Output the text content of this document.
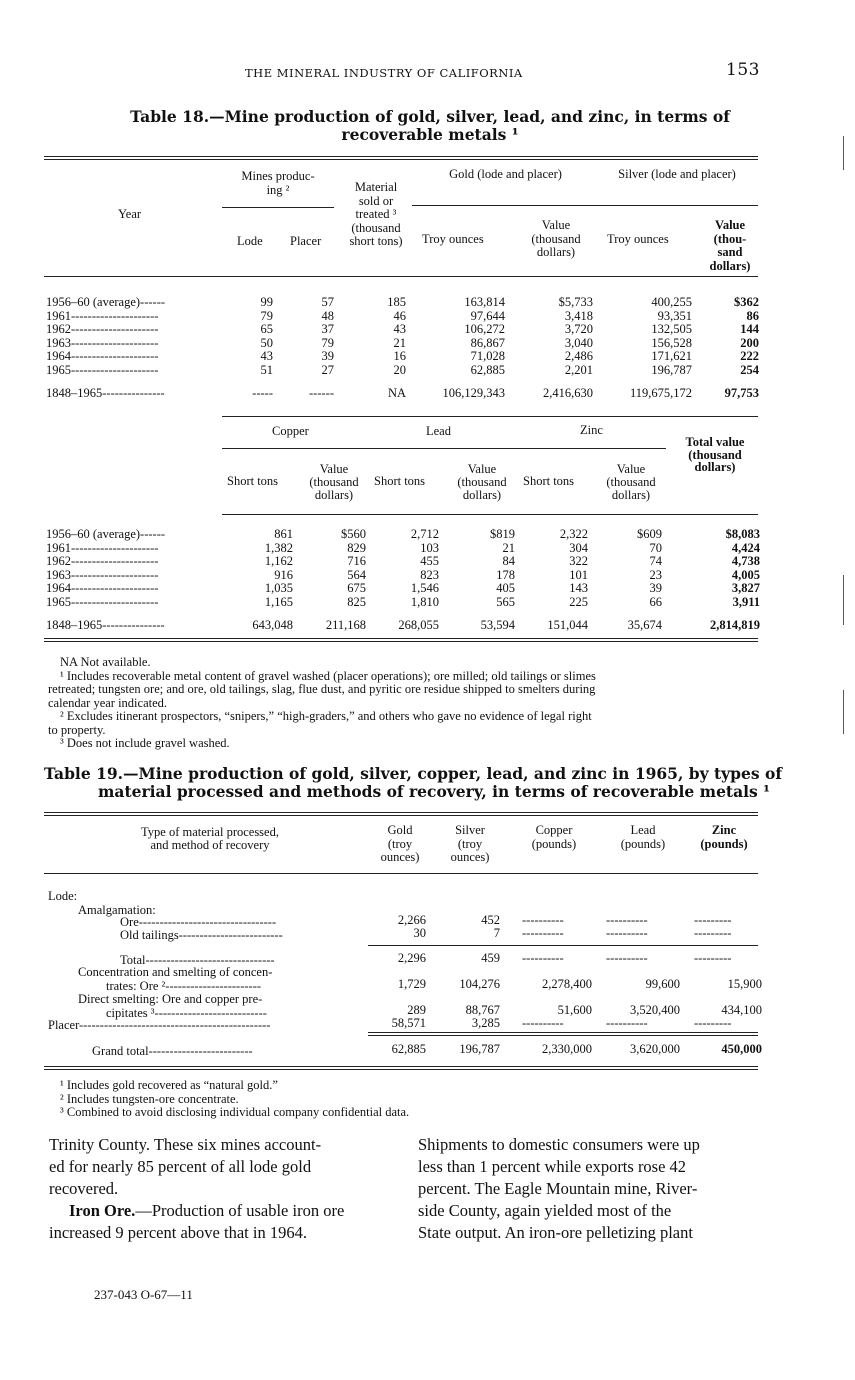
THE MINERAL INDUSTRY OF CALIFORNIA	153
Table 18.—Mine production of gold, silver, lead, and zinc, in terms of
recoverable metals ¹
Year
Mines produc-
ing ²
Lode Placer
Material
sold or
treated ³
(thousand
short tons)
Gold (lode and placer)	Silver (lode and placer)
Troy ounces
Value
(thousand
dollars)
Troy ounces
Value
(thou-
sand
dollars)
1956–60 (average)------	99	57	185	163,814	$5,733	400,255	$362
1961---------------------	79	48	46	97,644	3,418	93,351	86
1962---------------------	65	37	43	106,272	3,720	132,505	144
1963---------------------	50	79	21	86,867	3,040	156,528	200
1964---------------------	43	39	16	71,028	2,486	171,621	222
1965---------------------	51	27	20	62,885	2,201	196,787	254
1848–1965---------------	-----	------	NA	106,129,343	2,416,630	119,675,172	97,753
Copper	Lead	Zinc
Total value
(thousand
dollars)
Short tons
Value
(thousand
dollars)
Short tons
Value
(thousand
dollars)
Short tons
Value
(thousand
dollars)
1956–60 (average)------	861	$560	2,712	$819	2,322	$609	$8,083
1961---------------------	1,382	829	103	21	304	70	4,424
1962---------------------	1,162	716	455	84	322	74	4,738
1963---------------------	916	564	823	178	101	23	4,005
1964---------------------	1,035	675	1,546	405	143	39	3,827
1965---------------------	1,165	825	1,810	565	225	66	3,911
1848–1965---------------	643,048	211,168	268,055	53,594	151,044	35,674	2,814,819
NA Not available.
¹ Includes recoverable metal content of gravel washed (placer operations); ore milled; old tailings or slimes
retreated; tungsten ore; and ore, old tailings, slag, flue dust, and pyritic ore residue shipped to smelters during
calendar year indicated.
² Excludes itinerant prospectors, “snipers,” “high-graders,” and others who gave no evidence of legal right
to property.
³ Does not include gravel washed.
Table 19.—Mine production of gold, silver, copper, lead, and zinc in 1965, by types of
material processed and methods of recovery, in terms of recoverable metals ¹
Type of material processed,
and method of recovery
Gold
(troy
ounces)
Silver
(troy
ounces)
Copper
(pounds)
Lead
(pounds)
Zinc
(pounds)
Lode:
Amalgamation:
Ore---------------------------------	2,266	452 ----------	----------	---------
Old tailings-------------------------	30	7 ----------	----------	---------
Total-------------------------------	2,296	459 ----------	----------	---------
Concentration and smelting of concen-
trates: Ore ²-----------------------	1,729	104,276	2,278,400	99,600	15,900
Direct smelting: Ore and copper pre-
cipitates ³---------------------------	289	88,767	51,600	3,520,400	434,100
Placer----------------------------------------------	58,571	3,285 ----------	----------	---------
Grand total-------------------------	62,885	196,787	2,330,000	3,620,000	450,000
¹ Includes gold recovered as “natural gold.”
² Includes tungsten-ore concentrate.
³ Combined to avoid disclosing individual company confidential data.
Trinity County. These six mines account-
ed for nearly 85 percent of all lode gold
recovered.
Iron Ore.—Production of usable iron ore
increased 9 percent above that in 1964.
Shipments to domestic consumers were up
less than 1 percent while exports rose 42
percent. The Eagle Mountain mine, River-
side County, again yielded most of the
State output. An iron-ore pelletizing plant
237-043 O-67—11
